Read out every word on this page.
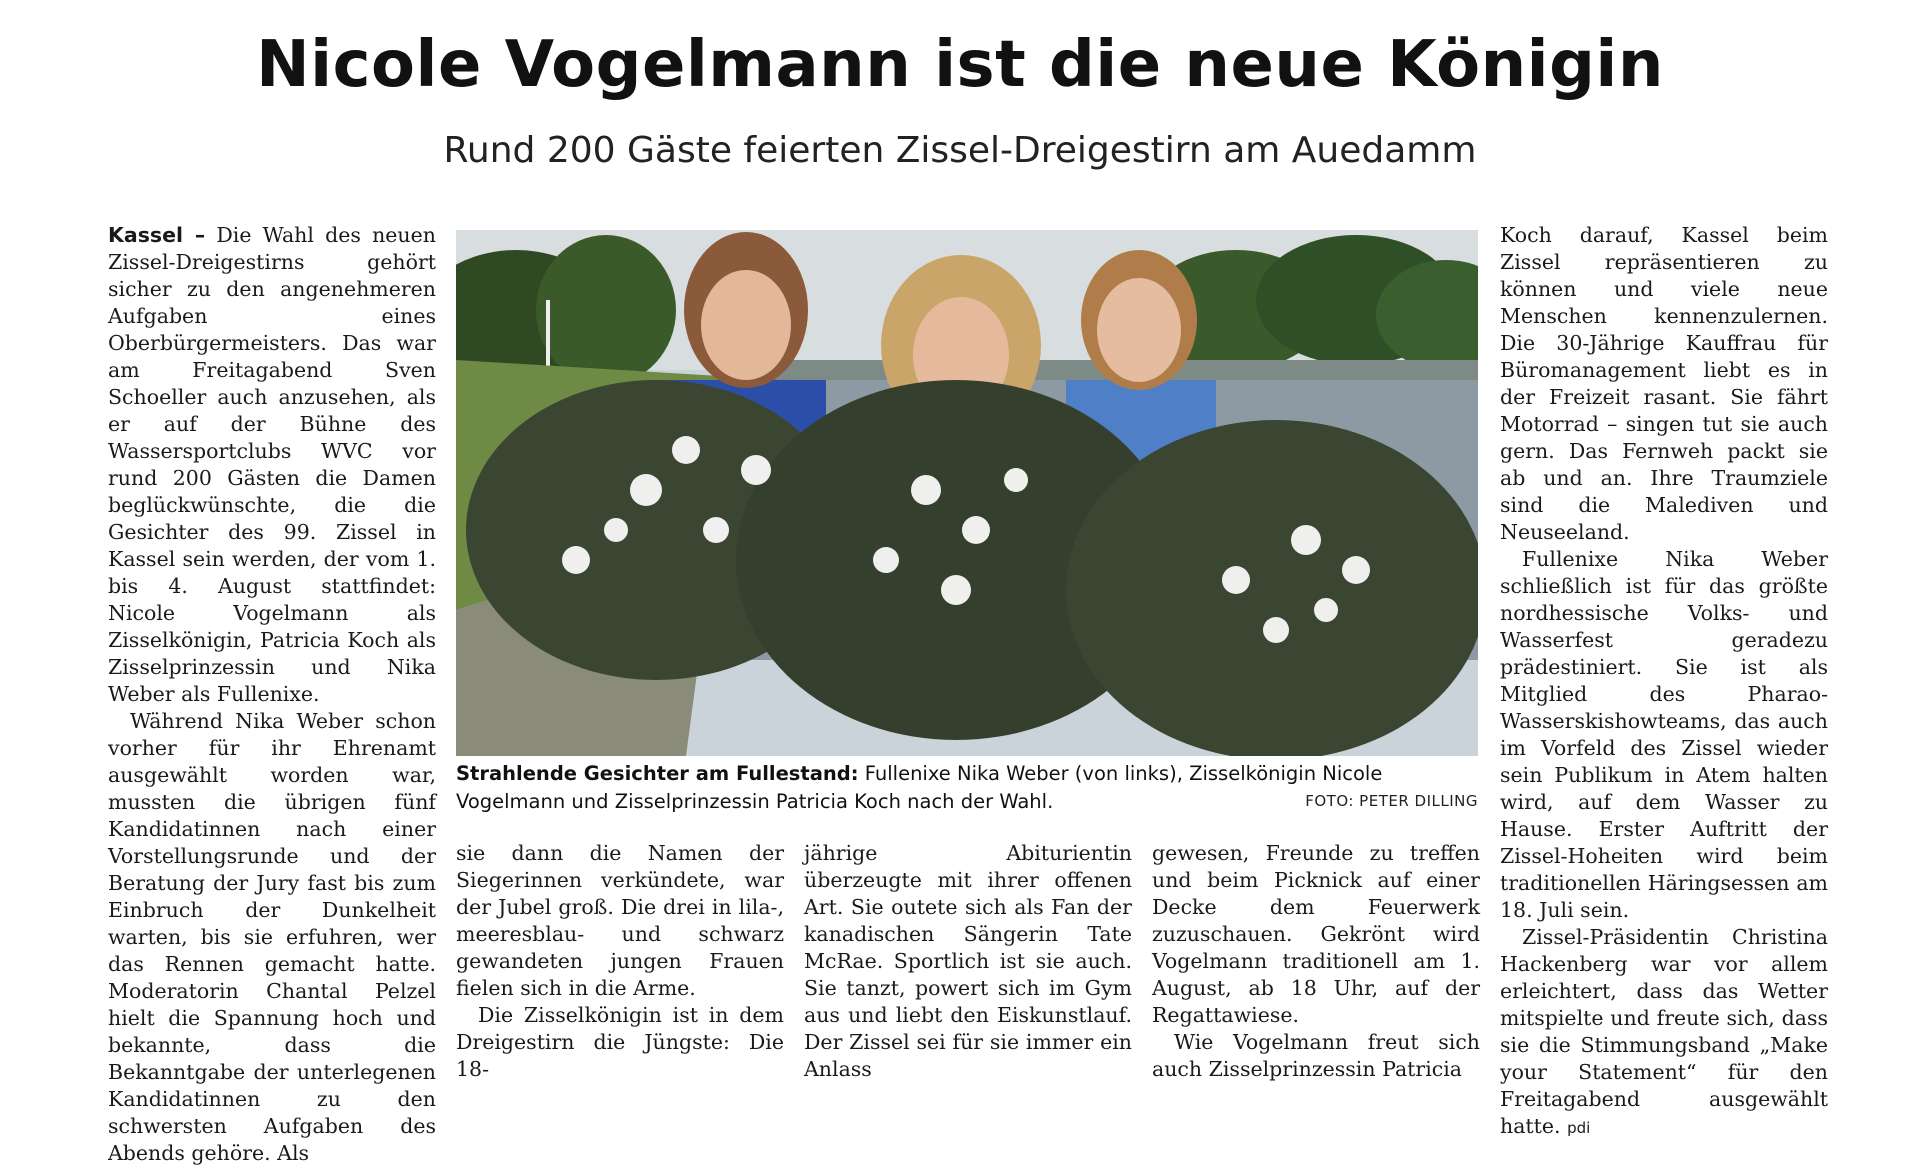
Nicole Vogelmann ist die neue Königin
Rund 200 Gäste feierten Zissel-Dreigestirn am Auedamm

Kassel – Die Wahl des neuen Zissel-Dreigestirns gehört sicher zu den angenehmeren Aufgaben eines Oberbürgermeisters. Das war am Freitagabend Sven Schoeller auch anzusehen, als er auf der Bühne des Wassersportclubs WVC vor rund 200 Gästen die Damen beglückwünschte, die die Gesichter des 99. Zissel in Kassel sein werden, der vom 1. bis 4. August stattfindet: Nicole Vogelmann als Zisselkönigin, Patricia Koch als Zisselprinzessin und Nika Weber als Fullenixe.

Während Nika Weber schon vorher für ihr Ehrenamt ausgewählt worden war, mussten die übrigen fünf Kandidatinnen nach einer Vorstellungsrunde und der Beratung der Jury fast bis zum Einbruch der Dunkelheit warten, bis sie erfuhren, wer das Rennen gemacht hatte. Moderatorin Chantal Pelzel hielt die Spannung hoch und bekannte, dass die Bekanntgabe der unterlegenen Kandidatinnen zu den schwersten Aufgaben des Abends gehöre. Als

Strahlende Gesichter am Fullestand: Fullenixe Nika Weber (von links), Zisselkönigin Nicole Vogelmann und Zisselprinzessin Patricia Koch nach der Wahl.	FOTO: PETER DILLING

sie dann die Namen der Siegerinnen verkündete, war der Jubel groß. Die drei in lila-, meeresblau- und schwarz gewandeten jungen Frauen fielen sich in die Arme.

Die Zisselkönigin ist in dem Dreigestirn die Jüngste: Die 18-

jährige Abiturientin überzeugte mit ihrer offenen Art. Sie outete sich als Fan der kanadischen Sängerin Tate McRae. Sportlich ist sie auch. Sie tanzt, powert sich im Gym aus und liebt den Eiskunstlauf. Der Zissel sei für sie immer ein Anlass

gewesen, Freunde zu treffen und beim Picknick auf einer Decke dem Feuerwerk zuzuschauen. Gekrönt wird Vogelmann traditionell am 1. August, ab 18 Uhr, auf der Regattawiese.

Wie Vogelmann freut sich auch Zisselprinzessin Patricia

Koch darauf, Kassel beim Zissel repräsentieren zu können und viele neue Menschen kennenzulernen. Die 30-Jährige Kauffrau für Büromanagement liebt es in der Freizeit rasant. Sie fährt Motorrad – singen tut sie auch gern. Das Fernweh packt sie ab und an. Ihre Traumziele sind die Malediven und Neuseeland.

Fullenixe Nika Weber schließlich ist für das größte nordhessische Volks- und Wasserfest geradezu prädestiniert. Sie ist als Mitglied des Pharao-Wasserskishowteams, das auch im Vorfeld des Zissel wieder sein Publikum in Atem halten wird, auf dem Wasser zu Hause. Erster Auftritt der Zissel-Hoheiten wird beim traditionellen Häringsessen am 18. Juli sein.

Zissel-Präsidentin Christina Hackenberg war vor allem erleichtert, dass das Wetter mitspielte und freute sich, dass sie die Stimmungsband „Make your Statement“ für den Freitagabend ausgewählt hatte. pdi
